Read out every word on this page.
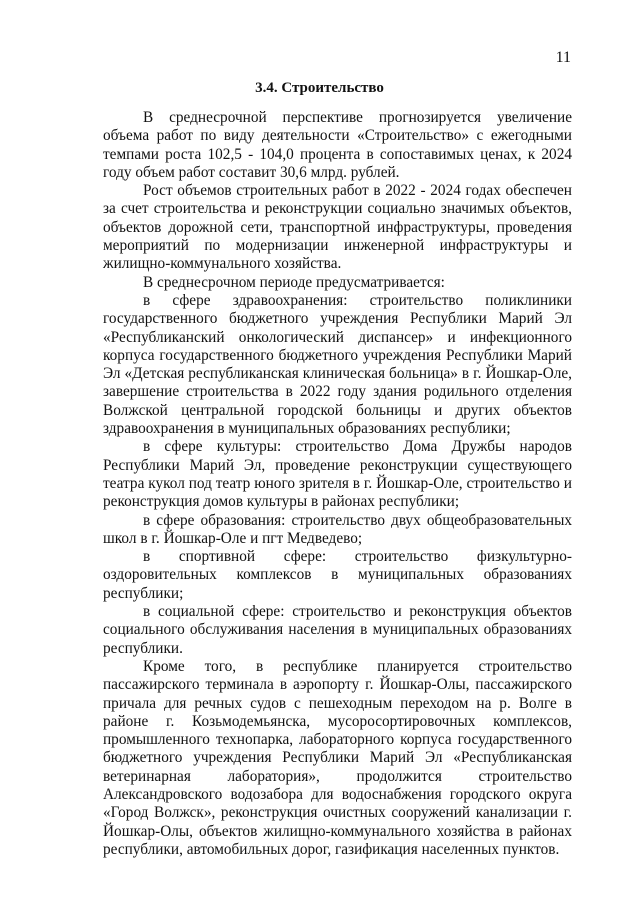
11
3.4. Строительство

В среднесрочной перспективе прогнозируется увеличение объема работ по виду деятельности «Строительство» с ежегодными темпами роста 102,5 - 104,0 процента в сопоставимых ценах, к 2024 году объем работ составит 30,6 млрд. рублей.

Рост объемов строительных работ в 2022 - 2024 годах обеспечен за счет строительства и реконструкции социально значимых объектов, объектов дорожной сети, транспортной инфраструктуры, проведения мероприятий по модернизации инженерной инфраструктуры и жилищно-коммунального хозяйства.

В среднесрочном периоде предусматривается:

в сфере здравоохранения: строительство поликлиники государственного бюджетного учреждения Республики Марий Эл «Республиканский онкологический диспансер» и инфекционного корпуса государственного бюджетного учреждения Республики Марий Эл «Детская республиканская клиническая больница» в г. Йошкар-Оле, завершение строительства в 2022 году здания родильного отделения Волжской центральной городской больницы и других объектов здравоохранения в муниципальных образованиях республики;

в сфере культуры: строительство Дома Дружбы народов Республики Марий Эл, проведение реконструкции существующего театра кукол под театр юного зрителя в г. Йошкар-Оле, строительство и реконструкция домов культуры в районах республики;

в сфере образования: строительство двух общеобразовательных школ в г. Йошкар-Оле и пгт Медведево;

в спортивной сфере: строительство физкультурно-оздоровительных комплексов в муниципальных образованиях республики;

в социальной сфере: строительство и реконструкция объектов социального обслуживания населения в муниципальных образованиях республики.

Кроме того, в республике планируется строительство пассажирского терминала в аэропорту г. Йошкар-Олы, пассажирского причала для речных судов с пешеходным переходом на р. Волге в районе г. Козьмодемьянска, мусоросортировочных комплексов, промышленного технопарка, лабораторного корпуса государственного бюджетного учреждения Республики Марий Эл «Республиканская ветеринарная лаборатория», продолжится строительство Александровского водозабора для водоснабжения городского округа «Город Волжск», реконструкция очистных сооружений канализации г. Йошкар-Олы, объектов жилищно-коммунального хозяйства в районах республики, автомобильных дорог, газификация населенных пунктов.
